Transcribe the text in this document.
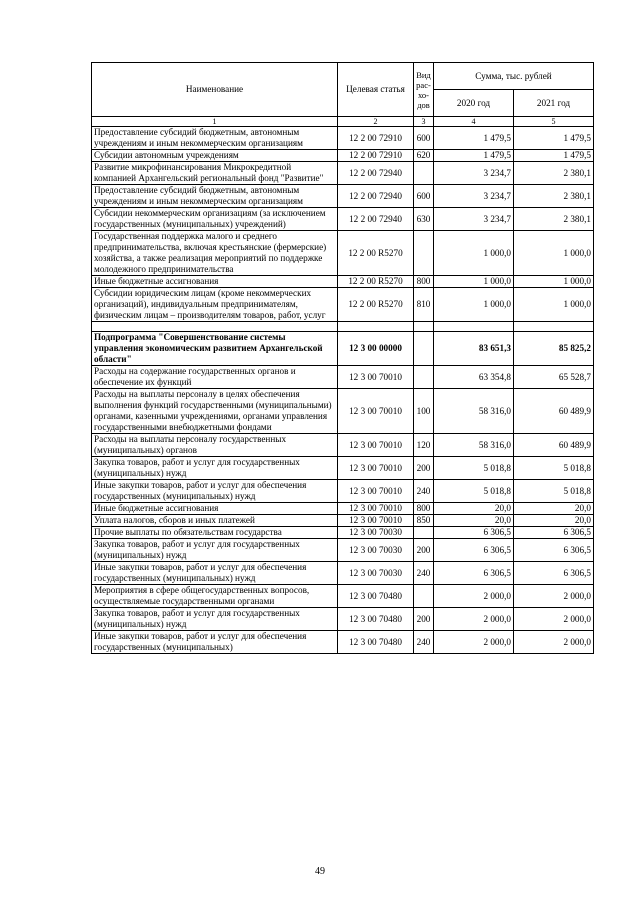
Наименование	Целевая статья	Вид рас-хо-дов	Сумма, тыс. рублей	
			2020 год	2021 год
1	2	3	4	5
Предоставление субсидий бюджетным, автономным учреждениям и иным некоммерческим организациям	12 2 00 72910	600	1 479,5	1 479,5
Субсидии автономным учреждениям	12 2 00 72910	620	1 479,5	1 479,5
Развитие микрофинансирования Микрокредитной компанией Архангельский региональный фонд "Развитие"	12 2 00 72940		3 234,7	2 380,1
Предоставление субсидий бюджетным, автономным учреждениям и иным некоммерческим организациям	12 2 00 72940	600	3 234,7	2 380,1
Субсидии некоммерческим организациям (за исключением государственных (муниципальных) учреждений)	12 2 00 72940	630	3 234,7	2 380,1
Государственная поддержка малого и среднего предпринимательства, включая крестьянские (фермерские) хозяйства, а также реализация мероприятий по поддержке молодежного предпринимательства	12 2 00 R5270		1 000,0	1 000,0
Иные бюджетные ассигнования	12 2 00 R5270	800	1 000,0	1 000,0
Субсидии юридическим лицам (кроме некоммерческих организаций), индивидуальным предпринимателям, физическим лицам – производителям товаров, работ, услуг	12 2 00 R5270	810	1 000,0	1 000,0

Подпрограмма "Совершенствование системы управления экономическим развитием Архангельской области"	12 3 00 00000		83 651,3	85 825,2
Расходы на содержание государственных органов и обеспечение их функций	12 3 00 70010		63 354,8	65 528,7
Расходы на выплаты персоналу в целях обеспечения выполнения функций государственными (муниципальными) органами, казенными учреждениями, органами управления государственными внебюджетными фондами	12 3 00 70010	100	58 316,0	60 489,9
Расходы на выплаты персоналу государственных (муниципальных) органов	12 3 00 70010	120	58 316,0	60 489,9
Закупка товаров, работ и услуг для государственных (муниципальных) нужд	12 3 00 70010	200	5 018,8	5 018,8
Иные закупки товаров, работ и услуг для обеспечения государственных (муниципальных) нужд	12 3 00 70010	240	5 018,8	5 018,8
Иные бюджетные ассигнования	12 3 00 70010	800	20,0	20,0
Уплата налогов, сборов и иных платежей	12 3 00 70010	850	20,0	20,0
Прочие выплаты по обязательствам государства	12 3 00 70030		6 306,5	6 306,5
Закупка товаров, работ и услуг для государственных (муниципальных) нужд	12 3 00 70030	200	6 306,5	6 306,5
Иные закупки товаров, работ и услуг для обеспечения государственных (муниципальных) нужд	12 3 00 70030	240	6 306,5	6 306,5
Мероприятия в сфере общегосударственных вопросов, осуществляемые государственными органами	12 3 00 70480		2 000,0	2 000,0
Закупка товаров, работ и услуг для государственных (муниципальных) нужд	12 3 00 70480	200	2 000,0	2 000,0
Иные закупки товаров, работ и услуг для обеспечения государственных (муниципальных)	12 3 00 70480	240	2 000,0	2 000,0
49
